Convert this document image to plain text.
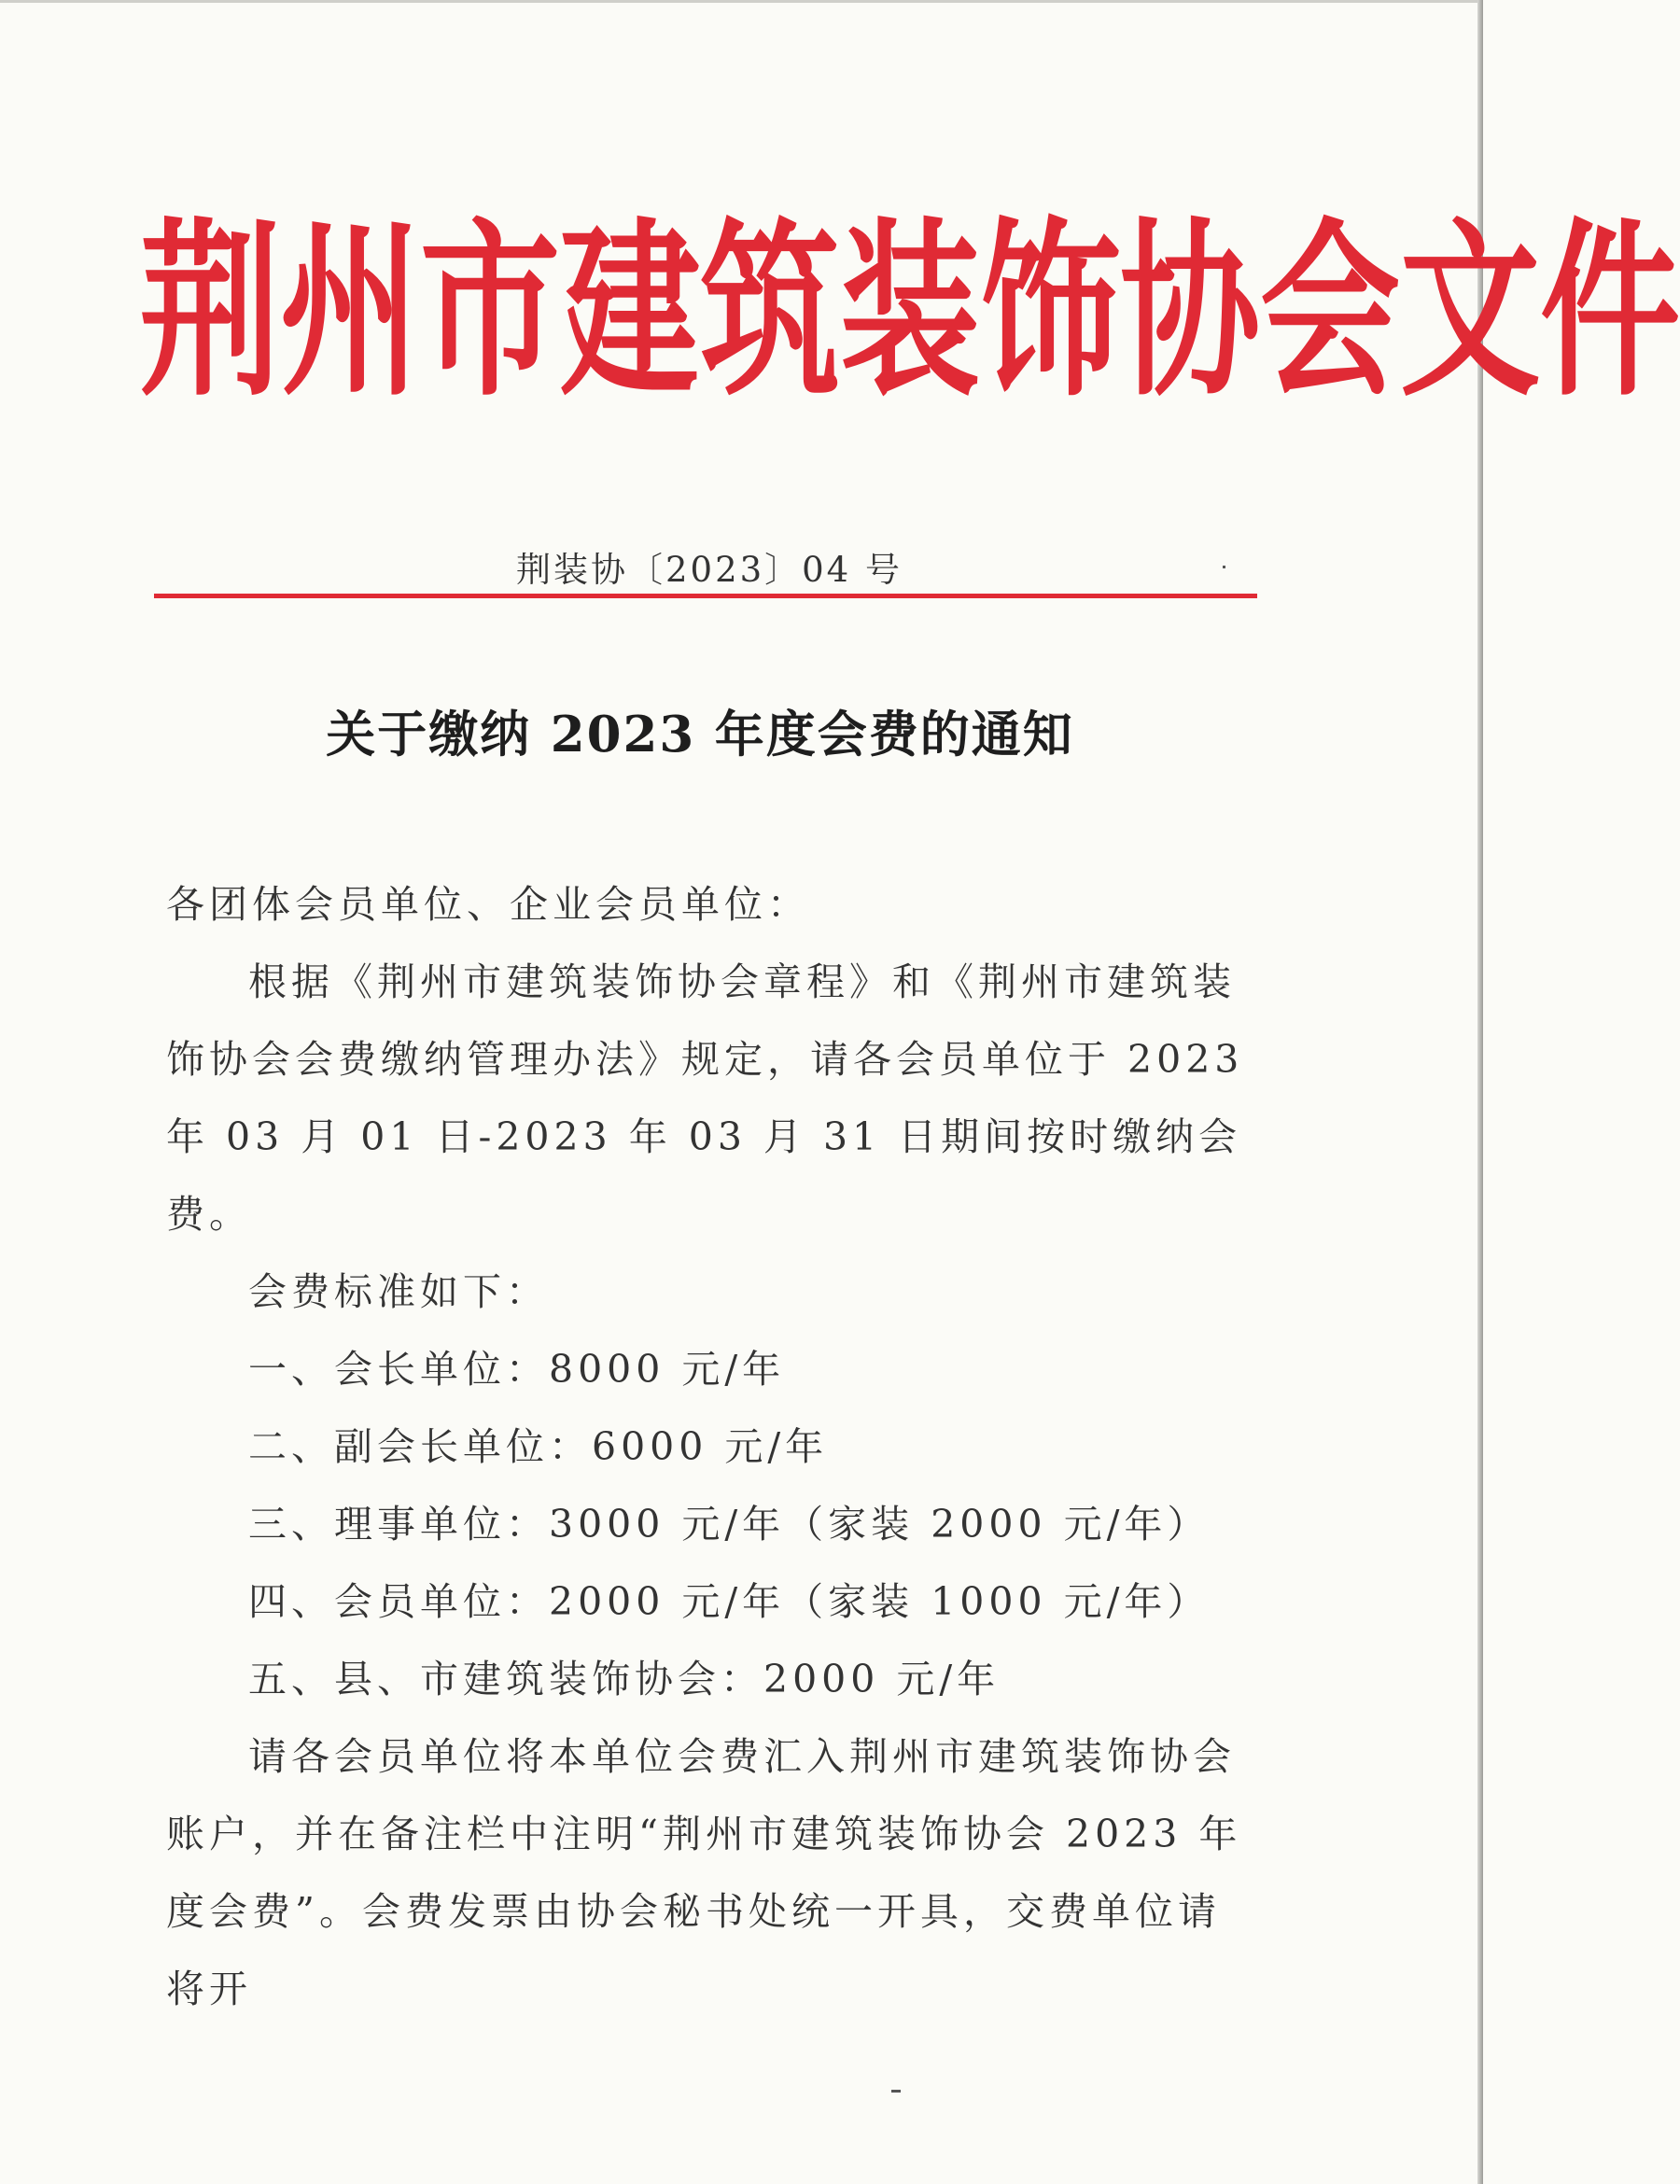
荆 州 市 建 筑 装 饰 协 会 文 件
荆装协〔2023〕04 号
关于缴纳 2023 年度会费的通知

各团体会员单位、企业会员单位：

根据《荆州市建筑装饰协会章程》和《荆州市建筑装饰协会会费缴纳管理办法》规定，请各会员单位于 2023 年 03 月 01 日-2023 年 03 月 31 日期间按时缴纳会费。

会费标准如下：

一、会长单位：8000 元/年

二、副会长单位：6000 元/年

三、理事单位：3000 元/年（家装 2000 元/年）

四、会员单位：2000 元/年（家装 1000 元/年）

五、县、市建筑装饰协会：2000 元/年

请各会员单位将本单位会费汇入荆州市建筑装饰协会账户，并在备注栏中注明“荆州市建筑装饰协会 2023 年度会费”。会费发票由协会秘书处统一开具，交费单位请将开
